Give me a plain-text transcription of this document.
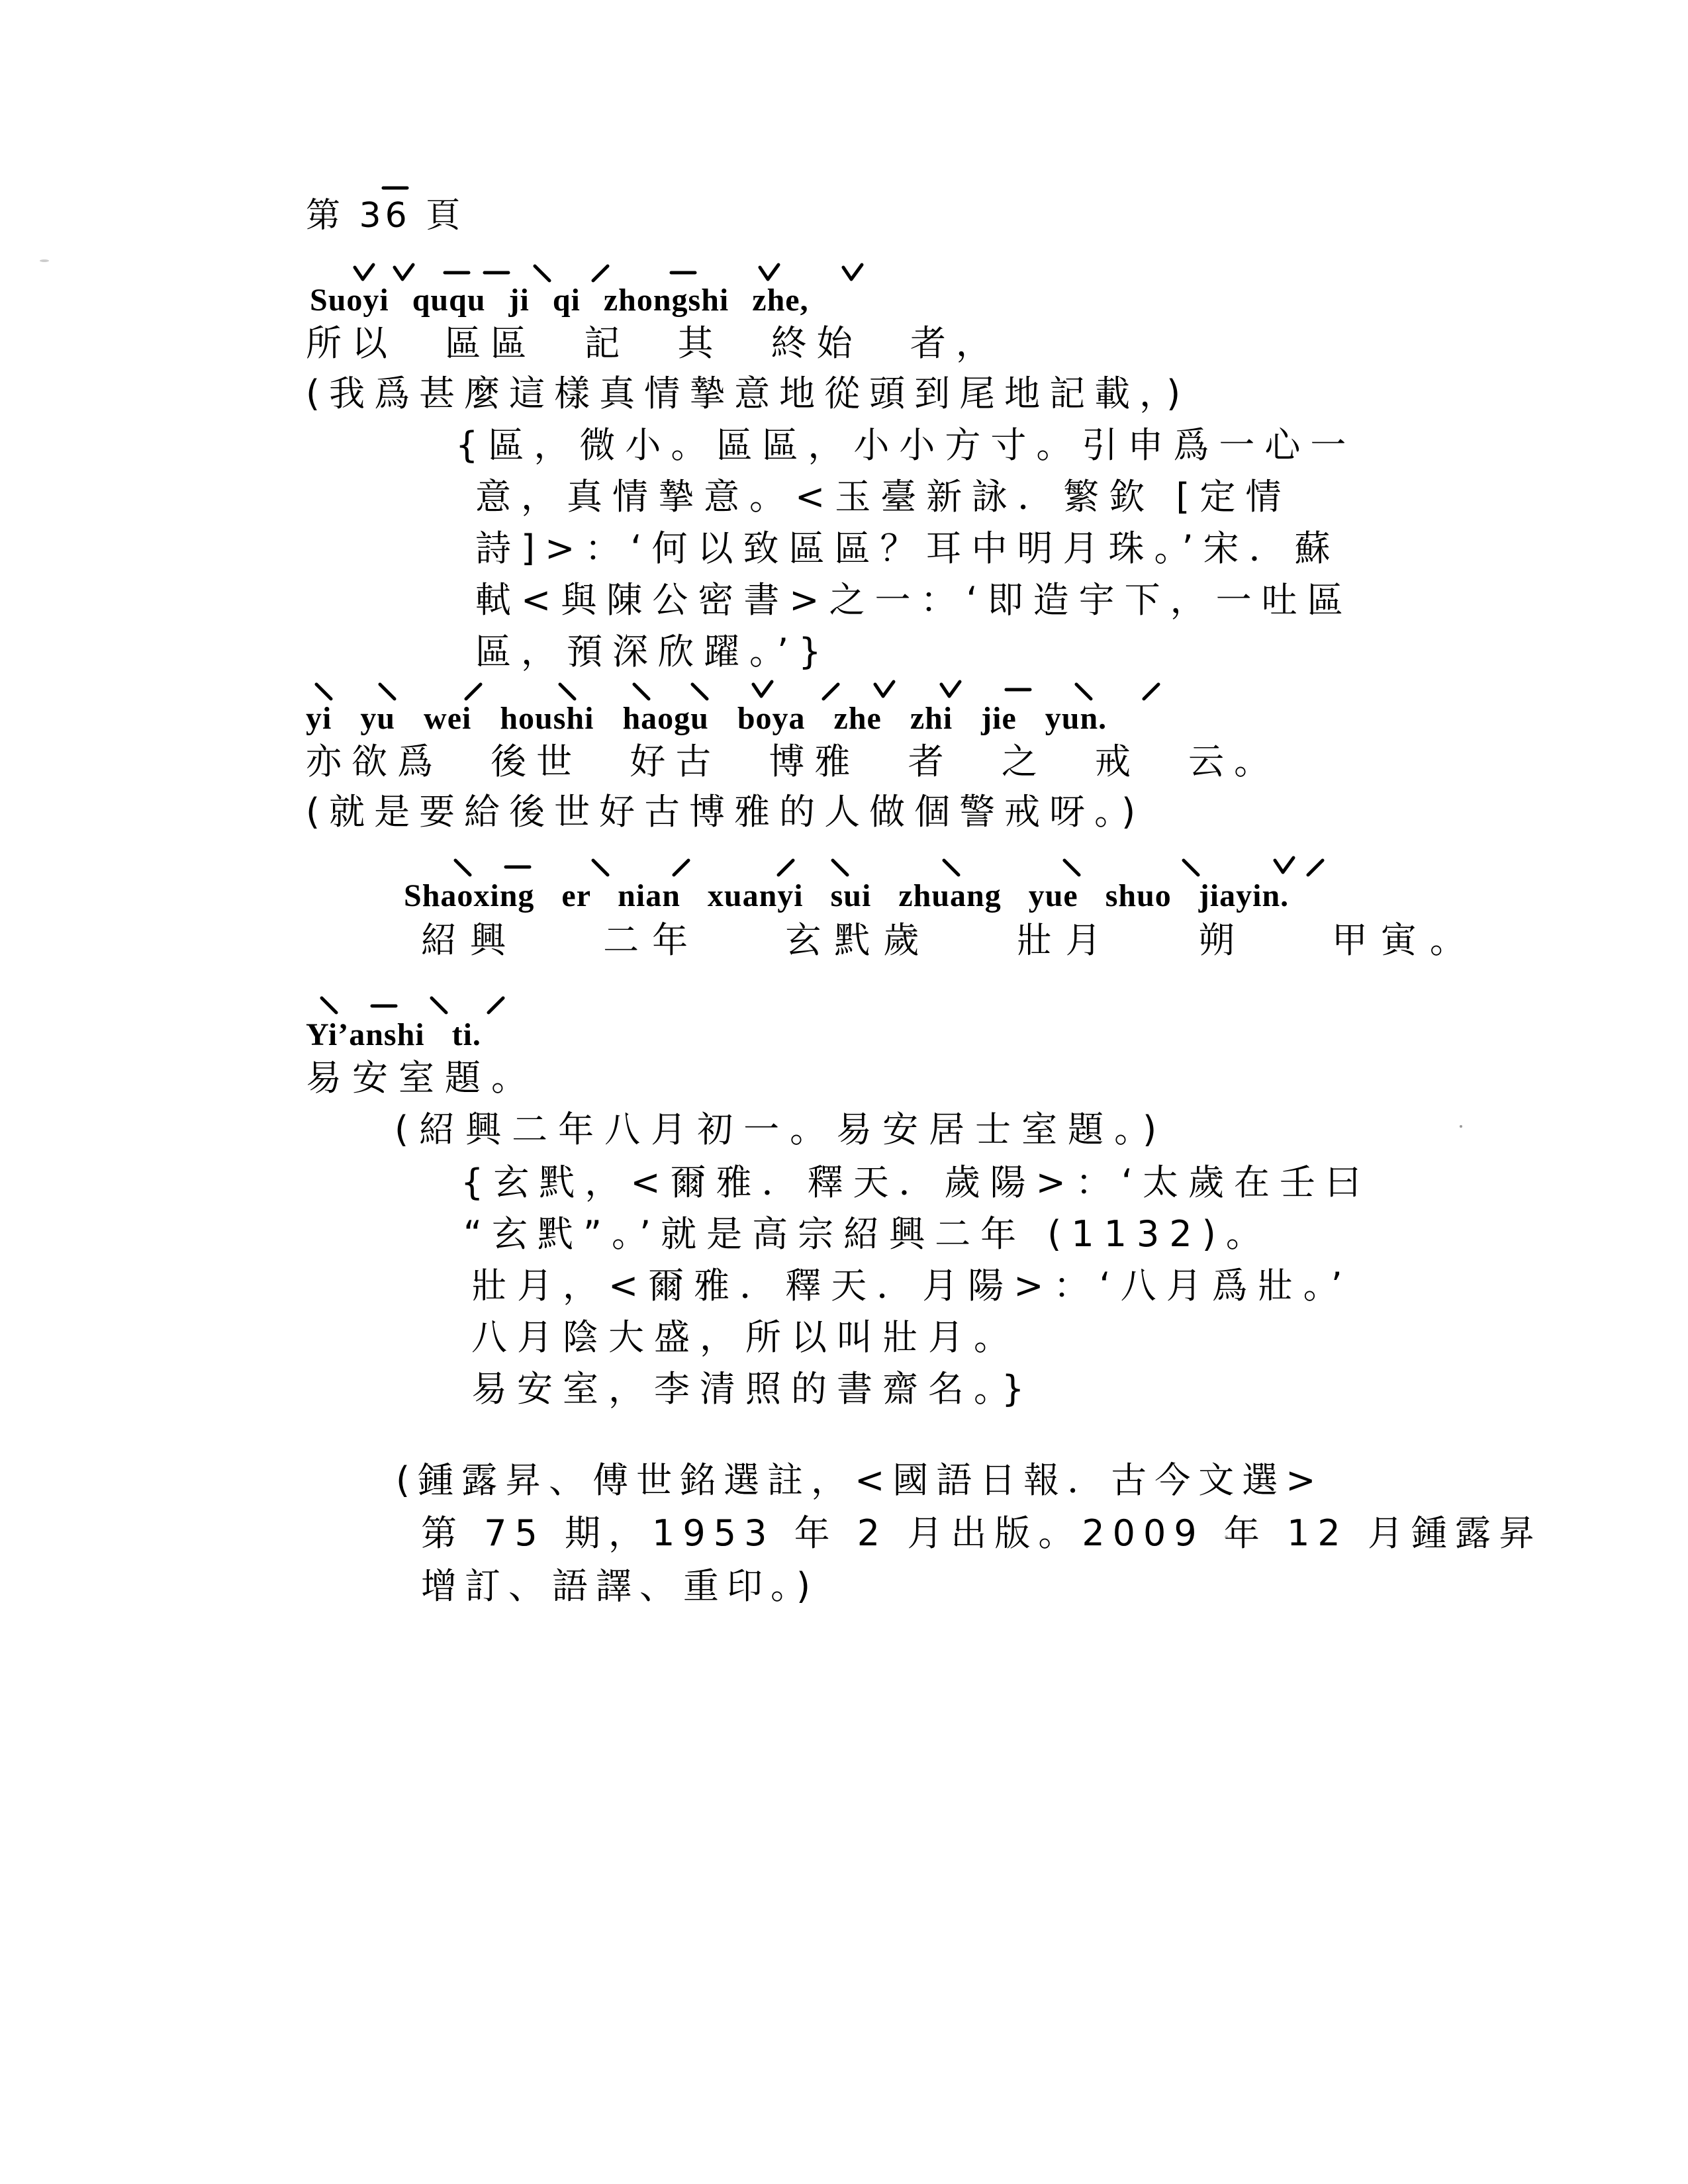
第 36 頁
Suoyi ququ ji qi zhongshi zhe,
所以 區區 記 其 終始 者，
(我爲甚麼這樣真情摯意地從頭到尾地記載，)
{區，微小。區區，小小方寸。引申爲一心一
意，真情摯意。<玉臺新詠．繁欽 [定情
詩]>：‘何以致區區？耳中明月珠。’宋．蘇
軾<與陳公密書>之一：‘即造宇下，一吐區
區，預深欣躍。’}
yi yu wei houshi haogu boya zhe zhi jie yun.
亦欲爲 後世 好古 博雅 者 之 戒 云。
(就是要給後世好古博雅的人做個警戒呀。)
Shaoxing er nian xuanyi sui zhuang yue shuo jiayin.
紹興 二年 玄黓歲 壯月 朔 甲寅。
Yi’anshi ti.
易安室題。
(紹興二年八月初一。易安居士室題。)
{玄黓，<爾雅．釋天．歲陽>：‘太歲在壬曰
“玄黓”。’就是高宗紹興二年 (1132)。
壯月，<爾雅．釋天．月陽>：‘八月爲壯。’
八月陰大盛，所以叫壯月。
易安室，李清照的書齋名。}
(鍾露昇、傅世銘選註，<國語日報．古今文選>
第 75 期，1953 年 2 月出版。2009 年 12 月鍾露昇
增訂、語譯、重印。)
